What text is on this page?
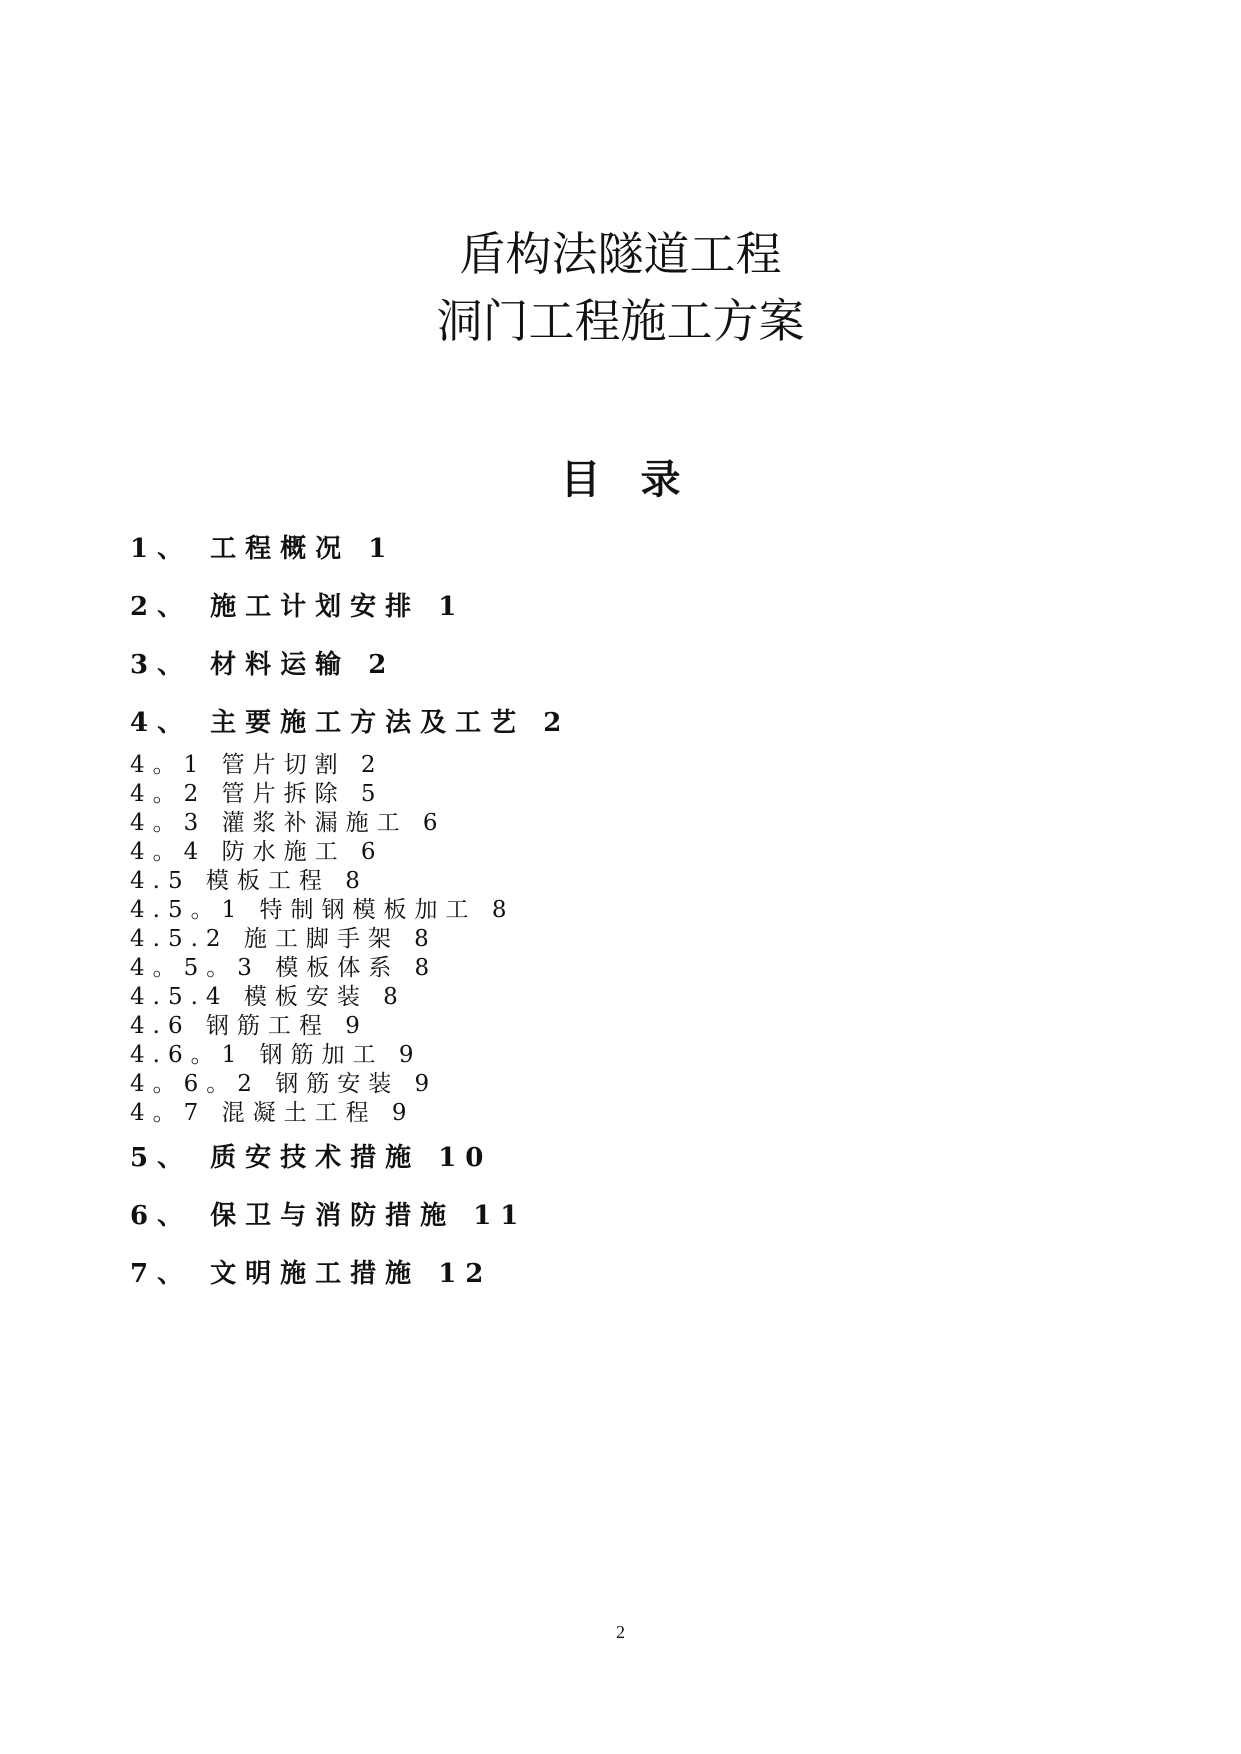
盾构法隧道工程
洞门工程施工方案
目录
1、 工程概况 1
2、 施工计划安排 1
3、 材料运输 2
4、 主要施工方法及工艺 2
4。1 管片切割 2
4。2 管片拆除 5
4。3 灌浆补漏施工 6
4。4 防水施工 6
4.5 模板工程 8
4.5。1 特制钢模板加工 8
4.5.2 施工脚手架 8
4。5。3 模板体系 8
4.5.4 模板安装 8
4.6 钢筋工程 9
4.6。1 钢筋加工 9
4。6。2 钢筋安装 9
4。7 混凝土工程 9
5、 质安技术措施 10
6、 保卫与消防措施 11
7、 文明施工措施 12
2
